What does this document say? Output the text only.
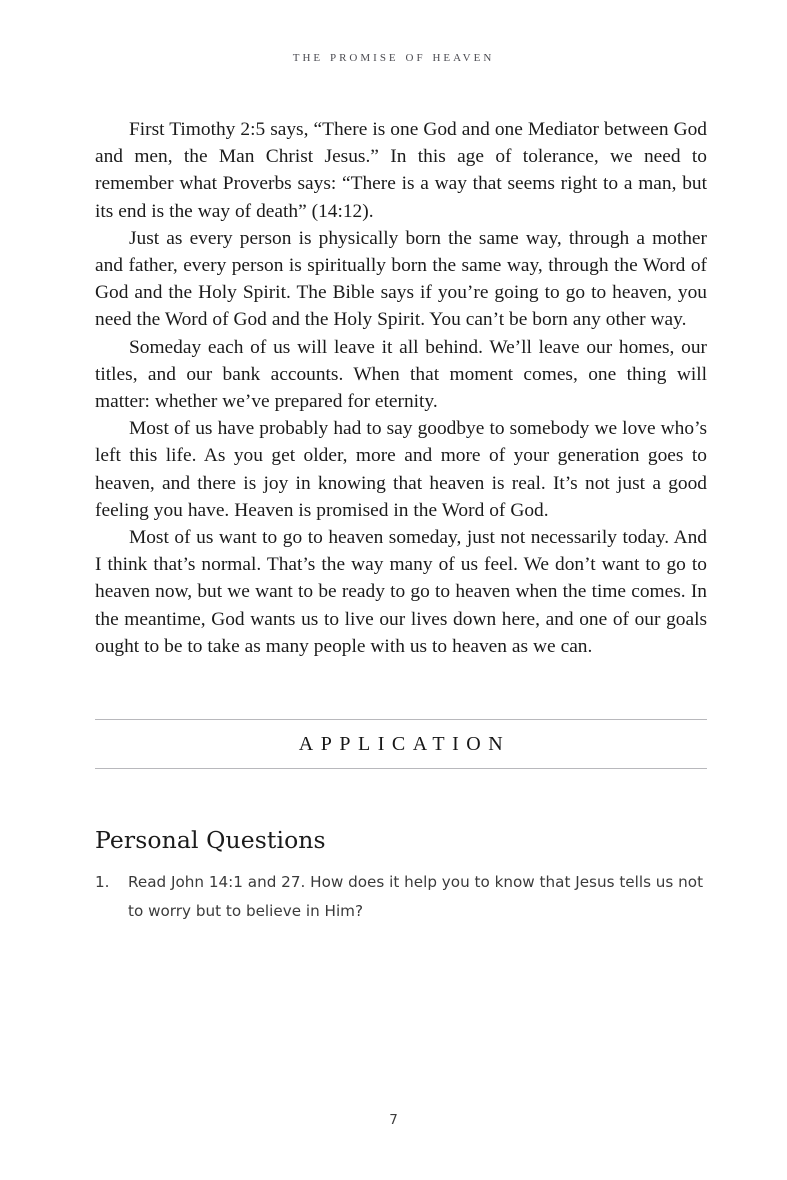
the promise of heaven

First Timothy 2:5 says, “There is one God and one Mediator between God and men, the Man Christ Jesus.” In this age of tolerance, we need to remember what Proverbs says: “There is a way that seems right to a man, but its end is the way of death” (14:12).

Just as every person is physically born the same way, through a mother and father, every person is spiritually born the same way, through the Word of God and the Holy Spirit. The Bible says if you’re going to go to heaven, you need the Word of God and the Holy Spirit. You can’t be born any other way.

Someday each of us will leave it all behind. We’ll leave our homes, our titles, and our bank accounts. When that moment comes, one thing will matter: whether we’ve prepared for eternity.

Most of us have probably had to say goodbye to somebody we love who’s left this life. As you get older, more and more of your generation goes to heaven, and there is joy in knowing that heaven is real. It’s not just a good feeling you have. Heaven is promised in the Word of God.

Most of us want to go to heaven someday, just not necessarily today. And I think that’s normal. That’s the way many of us feel. We don’t want to go to heaven now, but we want to be ready to go to heaven when the time comes. In the meantime, God wants us to live our lives down here, and one of our goals ought to be to take as many people with us to heaven as we can.

APPLICATION
Personal Questions
1. Read John 14:1 and 27. How does it help you to know that Jesus tells us not to worry but to believe in Him?
7
